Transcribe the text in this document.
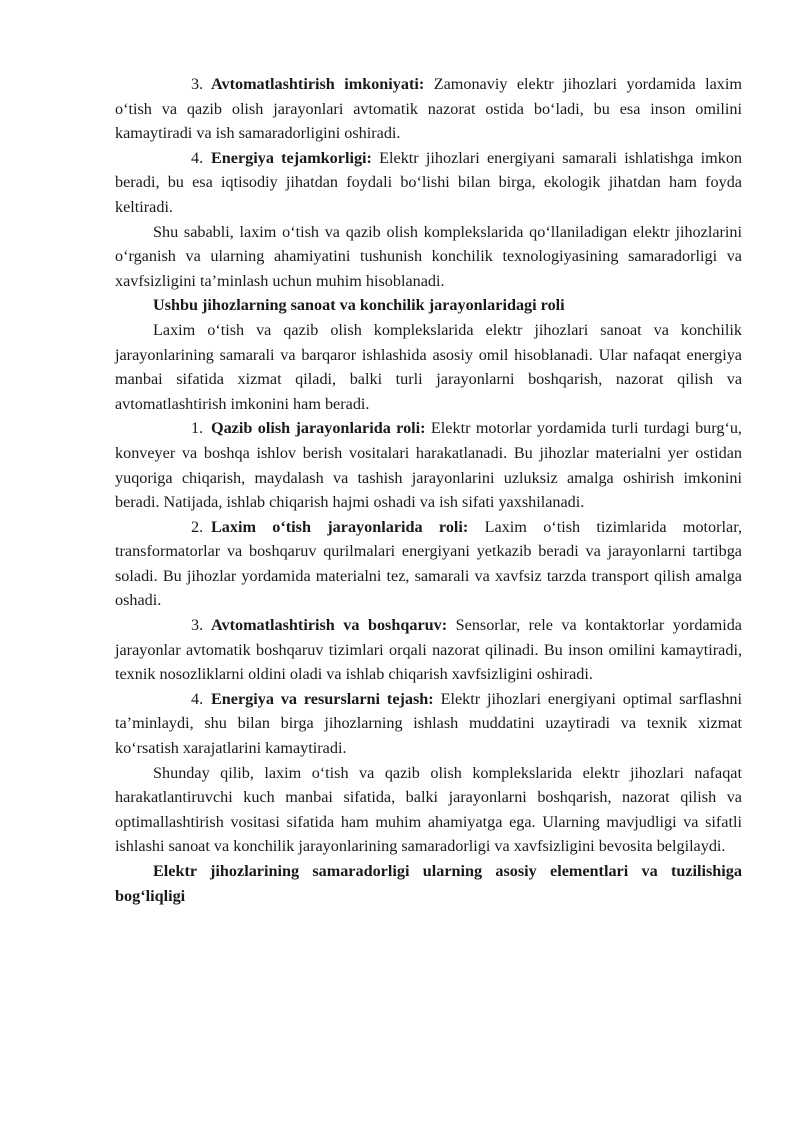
3. Avtomatlashtirish imkoniyati: Zamonaviy elektr jihozlari yordamida laxim o‘tish va qazib olish jarayonlari avtomatik nazorat ostida bo‘ladi, bu esa inson omilini kamaytiradi va ish samaradorligini oshiradi.

4. Energiya tejamkorligi: Elektr jihozlari energiyani samarali ishlatishga imkon beradi, bu esa iqtisodiy jihatdan foydali bo‘lishi bilan birga, ekologik jihatdan ham foyda keltiradi.

Shu sababli, laxim o‘tish va qazib olish komplekslarida qo‘llaniladigan elektr jihozlarini o‘rganish va ularning ahamiyatini tushunish konchilik texnologiyasining samaradorligi va xavfsizligini ta’minlash uchun muhim hisoblanadi.

Ushbu jihozlarning sanoat va konchilik jarayonlaridagi roli

Laxim o‘tish va qazib olish komplekslarida elektr jihozlari sanoat va konchilik jarayonlarining samarali va barqaror ishlashida asosiy omil hisoblanadi. Ular nafaqat energiya manbai sifatida xizmat qiladi, balki turli jarayonlarni boshqarish, nazorat qilish va avtomatlashtirish imkonini ham beradi.

1. Qazib olish jarayonlarida roli: Elektr motorlar yordamida turli turdagi burg‘u, konveyer va boshqa ishlov berish vositalari harakatlanadi. Bu jihozlar materialni yer ostidan yuqoriga chiqarish, maydalash va tashish jarayonlarini uzluksiz amalga oshirish imkonini beradi. Natijada, ishlab chiqarish hajmi oshadi va ish sifati yaxshilanadi.

2. Laxim o‘tish jarayonlarida roli: Laxim o‘tish tizimlarida motorlar, transformatorlar va boshqaruv qurilmalari energiyani yetkazib beradi va jarayonlarni tartibga soladi. Bu jihozlar yordamida materialni tez, samarali va xavfsiz tarzda transport qilish amalga oshadi.

3. Avtomatlashtirish va boshqaruv: Sensorlar, rele va kontaktorlar yordamida jarayonlar avtomatik boshqaruv tizimlari orqali nazorat qilinadi. Bu inson omilini kamaytiradi, texnik nosozliklarni oldini oladi va ishlab chiqarish xavfsizligini oshiradi.

4. Energiya va resurslarni tejash: Elektr jihozlari energiyani optimal sarflashni ta’minlaydi, shu bilan birga jihozlarning ishlash muddatini uzaytiradi va texnik xizmat ko‘rsatish xarajatlarini kamaytiradi.

Shunday qilib, laxim o‘tish va qazib olish komplekslarida elektr jihozlari nafaqat harakatlantiruvchi kuch manbai sifatida, balki jarayonlarni boshqarish, nazorat qilish va optimallashtirish vositasi sifatida ham muhim ahamiyatga ega. Ularning mavjudligi va sifatli ishlashi sanoat va konchilik jarayonlarining samaradorligi va xavfsizligini bevosita belgilaydi.

Elektr jihozlarining samaradorligi ularning asosiy elementlari va tuzilishiga bog‘liqligi
